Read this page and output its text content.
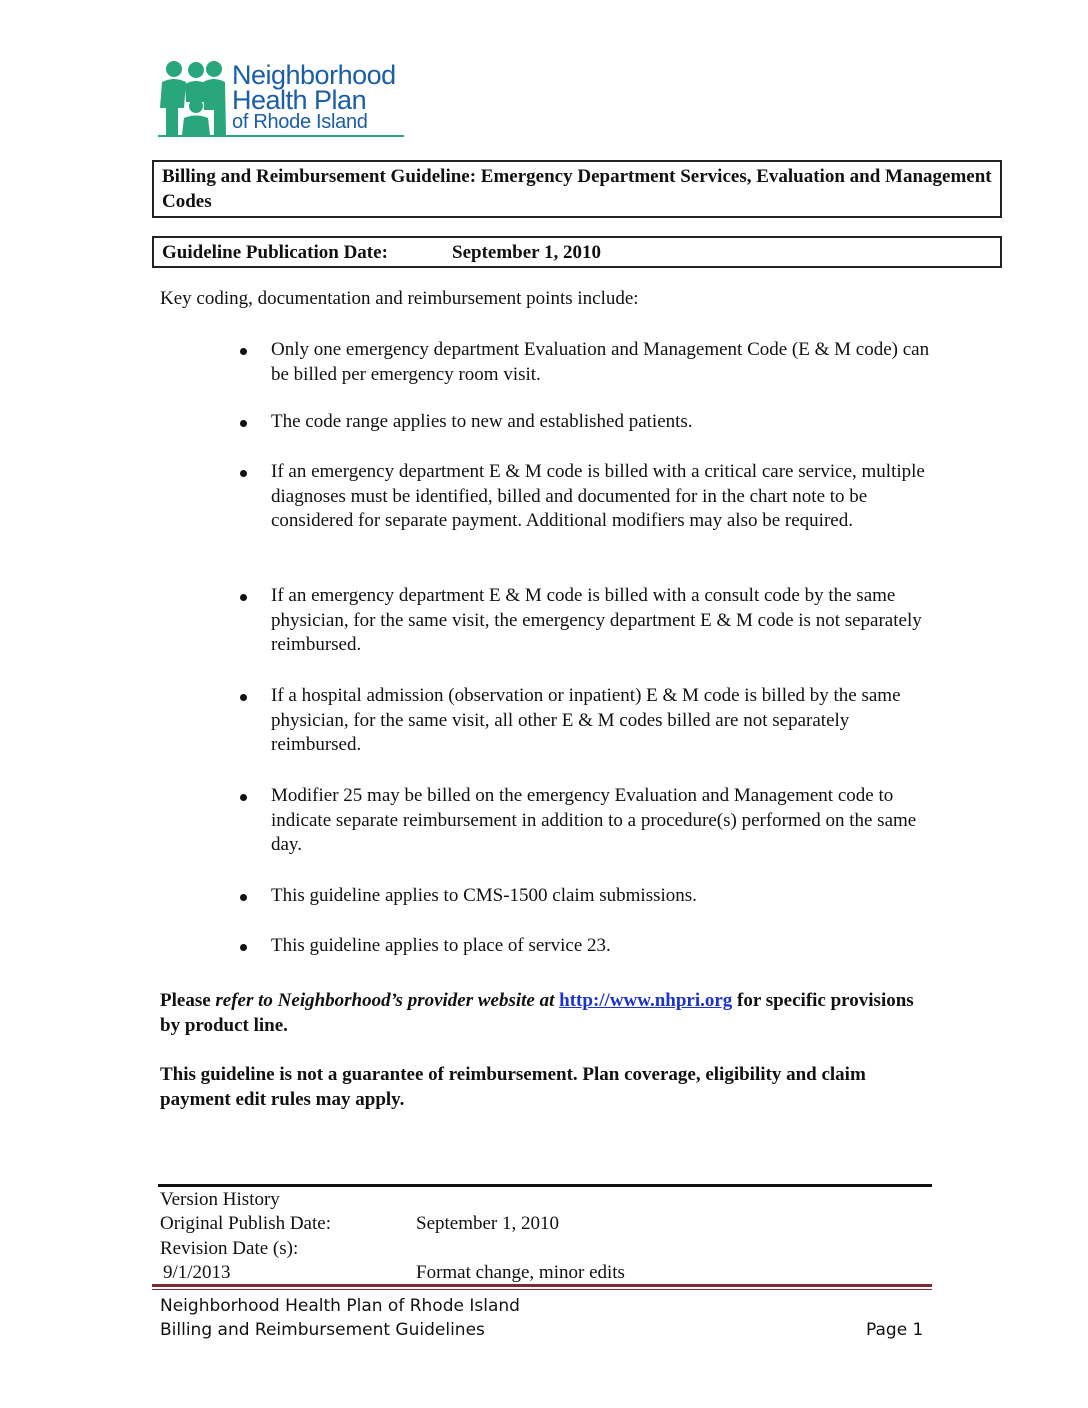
Neighborhood
Health Plan
of Rhode Island
Billing and Reimbursement Guideline: Emergency Department Services, Evaluation and Management Codes
Guideline Publication Date:	September 1, 2010
Key coding, documentation and reimbursement points include:
Only one emergency department Evaluation and Management Code (E & M code) can be billed per emergency room visit.
The code range applies to new and established patients.
If an emergency department E & M code is billed with a critical care service, multiple diagnoses must be identified, billed and documented for in the chart note to be considered for separate payment. Additional modifiers may also be required.
If an emergency department E & M code is billed with a consult code by the same physician, for the same visit, the emergency department E & M code is not separately reimbursed.
If a hospital admission (observation or inpatient) E & M code is billed by the same physician, for the same visit, all other E & M codes billed are not separately reimbursed.
Modifier 25 may be billed on the emergency Evaluation and Management code to indicate separate reimbursement in addition to a procedure(s) performed on the same day.
This guideline applies to CMS-1500 claim submissions.
This guideline applies to place of service 23.
Please refer to Neighborhood’s provider website at http://www.nhpri.org for specific provisions by product line.
This guideline is not a guarantee of reimbursement. Plan coverage, eligibility and claim payment edit rules may apply.
Version History
Original Publish Date:	September 1, 2010
Revision Date (s):
9/1/2013	Format change, minor edits
Neighborhood Health Plan of Rhode Island
Billing and Reimbursement Guidelines	Page 1
